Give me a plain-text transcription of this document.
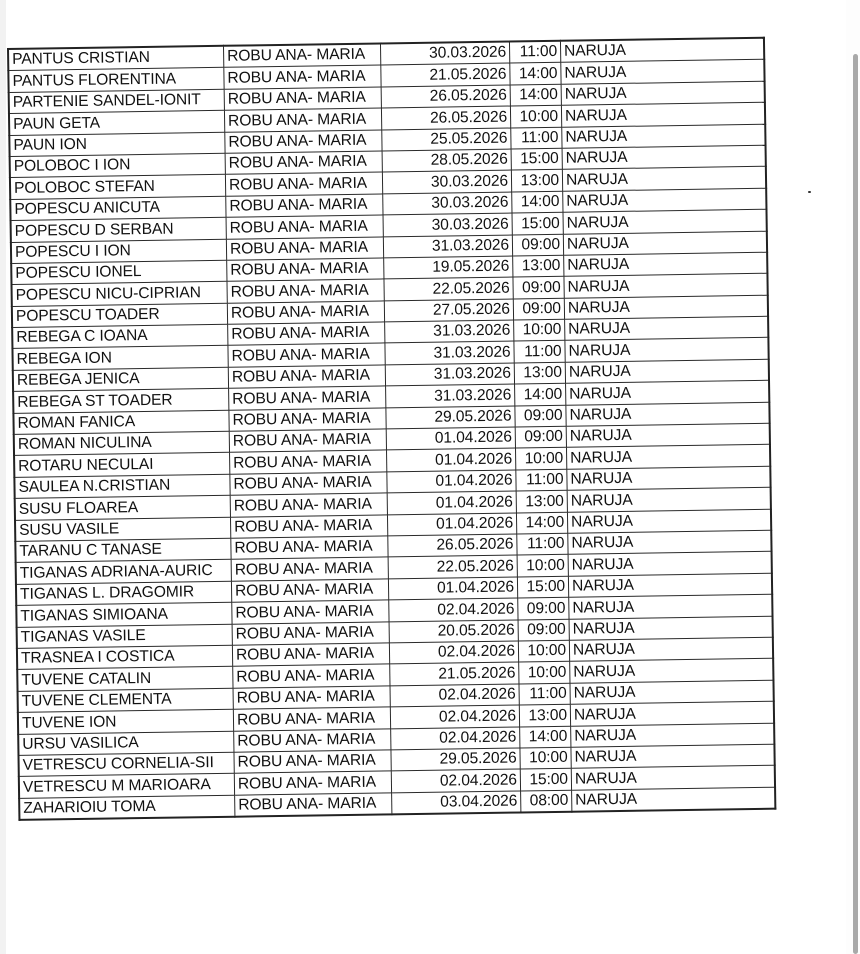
PANTUS CRISTIAN	ROBU ANA- MARIA	30.03.2026	11:00	NARUJA
PANTUS FLORENTINA	ROBU ANA- MARIA	21.05.2026	14:00	NARUJA
PARTENIE SANDEL-IONIT	ROBU ANA- MARIA	26.05.2026	14:00	NARUJA
PAUN GETA	ROBU ANA- MARIA	26.05.2026	10:00	NARUJA
PAUN ION	ROBU ANA- MARIA	25.05.2026	11:00	NARUJA
POLOBOC I ION	ROBU ANA- MARIA	28.05.2026	15:00	NARUJA
POLOBOC STEFAN	ROBU ANA- MARIA	30.03.2026	13:00	NARUJA
POPESCU ANICUTA	ROBU ANA- MARIA	30.03.2026	14:00	NARUJA
POPESCU D SERBAN	ROBU ANA- MARIA	30.03.2026	15:00	NARUJA
POPESCU I ION	ROBU ANA- MARIA	31.03.2026	09:00	NARUJA
POPESCU IONEL	ROBU ANA- MARIA	19.05.2026	13:00	NARUJA
POPESCU NICU-CIPRIAN	ROBU ANA- MARIA	22.05.2026	09:00	NARUJA
POPESCU TOADER	ROBU ANA- MARIA	27.05.2026	09:00	NARUJA
REBEGA C IOANA	ROBU ANA- MARIA	31.03.2026	10:00	NARUJA
REBEGA ION	ROBU ANA- MARIA	31.03.2026	11:00	NARUJA
REBEGA JENICA	ROBU ANA- MARIA	31.03.2026	13:00	NARUJA
REBEGA ST TOADER	ROBU ANA- MARIA	31.03.2026	14:00	NARUJA
ROMAN FANICA	ROBU ANA- MARIA	29.05.2026	09:00	NARUJA
ROMAN NICULINA	ROBU ANA- MARIA	01.04.2026	09:00	NARUJA
ROTARU NECULAI	ROBU ANA- MARIA	01.04.2026	10:00	NARUJA
SAULEA N.CRISTIAN	ROBU ANA- MARIA	01.04.2026	11:00	NARUJA
SUSU FLOAREA	ROBU ANA- MARIA	01.04.2026	13:00	NARUJA
SUSU VASILE	ROBU ANA- MARIA	01.04.2026	14:00	NARUJA
TARANU C TANASE	ROBU ANA- MARIA	26.05.2026	11:00	NARUJA
TIGANAS ADRIANA-AURIC	ROBU ANA- MARIA	22.05.2026	10:00	NARUJA
TIGANAS L. DRAGOMIR	ROBU ANA- MARIA	01.04.2026	15:00	NARUJA
TIGANAS SIMIOANA	ROBU ANA- MARIA	02.04.2026	09:00	NARUJA
TIGANAS VASILE	ROBU ANA- MARIA	20.05.2026	09:00	NARUJA
TRASNEA I COSTICA	ROBU ANA- MARIA	02.04.2026	10:00	NARUJA
TUVENE CATALIN	ROBU ANA- MARIA	21.05.2026	10:00	NARUJA
TUVENE CLEMENTA	ROBU ANA- MARIA	02.04.2026	11:00	NARUJA
TUVENE ION	ROBU ANA- MARIA	02.04.2026	13:00	NARUJA
URSU VASILICA	ROBU ANA- MARIA	02.04.2026	14:00	NARUJA
VETRESCU CORNELIA-SII	ROBU ANA- MARIA	29.05.2026	10:00	NARUJA
VETRESCU M MARIOARA	ROBU ANA- MARIA	02.04.2026	15:00	NARUJA
ZAHARIOIU TOMA	ROBU ANA- MARIA	03.04.2026	08:00	NARUJA
